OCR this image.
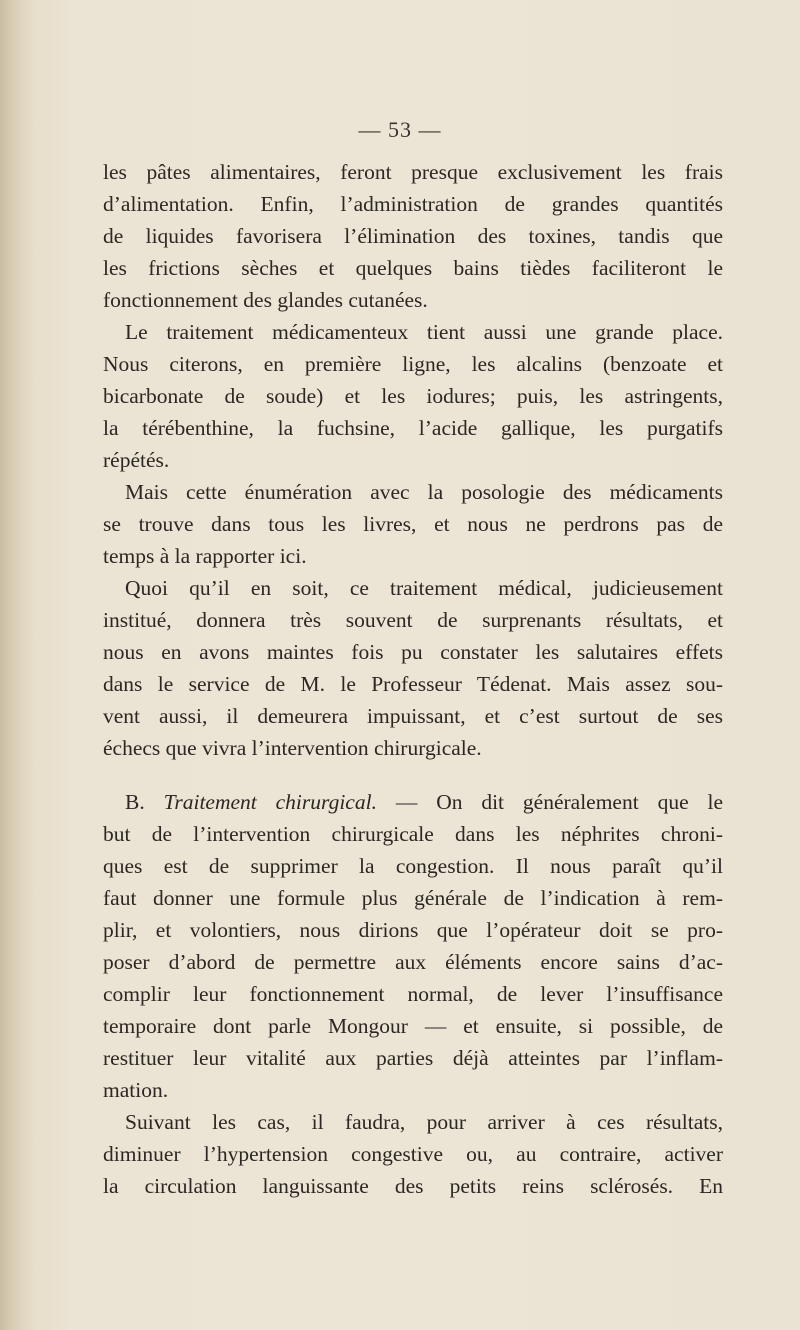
— 53 —
les pâtes alimentaires, feront presque exclusivement les frais
d’alimentation. Enfin, l’administration de grandes quantités
de liquides favorisera l’élimination des toxines, tandis que
les frictions sèches et quelques bains tièdes faciliteront le
fonctionnement des glandes cutanées.
Le traitement médicamenteux tient aussi une grande place.
Nous citerons, en première ligne, les alcalins (benzoate et
bicarbonate de soude) et les iodures; puis, les astringents,
la térébenthine, la fuchsine, l’acide gallique, les purgatifs
répétés.
Mais cette énumération avec la posologie des médicaments
se trouve dans tous les livres, et nous ne perdrons pas de
temps à la rapporter ici.
Quoi qu’il en soit, ce traitement médical, judicieusement
institué, donnera très souvent de surprenants résultats, et
nous en avons maintes fois pu constater les salutaires effets
dans le service de M. le Professeur Tédenat. Mais assez sou-
vent aussi, il demeurera impuissant, et c’est surtout de ses
échecs que vivra l’intervention chirurgicale.
B. Traitement chirurgical. — On dit généralement que le
but de l’intervention chirurgicale dans les néphrites chroni-
ques est de supprimer la congestion. Il nous paraît qu’il
faut donner une formule plus générale de l’indication à rem-
plir, et volontiers, nous dirions que l’opérateur doit se pro-
poser d’abord de permettre aux éléments encore sains d’ac-
complir leur fonctionnement normal, de lever l’insuffisance
temporaire dont parle Mongour — et ensuite, si possible, de
restituer leur vitalité aux parties déjà atteintes par l’inflam-
mation.
Suivant les cas, il faudra, pour arriver à ces résultats,
diminuer l’hypertension congestive ou, au contraire, activer
la circulation languissante des petits reins sclérosés. En
